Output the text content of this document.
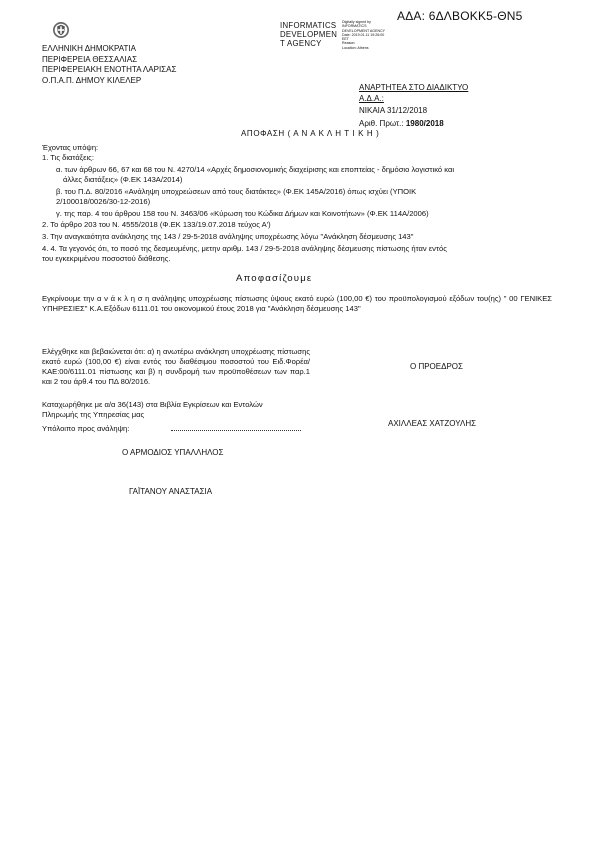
ΑΔΑ: 6ΔΛΒΟΚΚ5-ΘΝ5
INFORMATICS
DEVELOPMEN
T AGENCY
Digitally signed by
INFORMATICS
DEVELOPMENT AGENCY
Date: 2019.01.11 19:26:00
EET
Reason:
Location: Athens
ΕΛΛΗΝΙΚΗ ΔΗΜΟΚΡΑΤΙΑ
ΠΕΡΙΦΕΡΕΙΑ ΘΕΣΣΑΛΙΑΣ
ΠΕΡΙΦΕΡΕΙΑΚΗ ΕΝΟΤΗΤΑ ΛΑΡΙΣΑΣ
Ο.Π.Α.Π. ΔΗΜΟΥ ΚΙΛΕΛΕΡ
ΑΝΑΡΤΗΤΕΑ ΣΤΟ ΔΙΑΔΙΚΤΥΟ
Α.Δ.Α.:
ΝΙΚΑΙΑ 31/12/2018
Αριθ. Πρωτ.: 1980/2018
ΑΠΟΦΑΣΗ ( Α Ν Α Κ Λ Η Τ Ι Κ Η )
Έχοντας υπόψη:
1. Τις διατάξεις:
α. των άρθρων 66, 67 και 68 του Ν. 4270/14 «Αρχές δημοσιονομικής διαχείρισης και εποπτείας - δημόσιο λογιστικό και
άλλες διατάξεις» (Φ.ΕΚ 143Α/2014)
β. του Π.Δ. 80/2016 «Ανάληψη υποχρεώσεων από τους διατάκτες» (Φ.ΕΚ 145Α/2016) όπως ισχύει (ΥΠΟΙΚ
2/100018/0026/30-12-2016)
γ. της παρ. 4 του άρθρου 158 του Ν. 3463/06 «Κύρωση του Κώδικα Δήμων και Κοινοτήτων» (Φ.ΕΚ 114Α/2006)
2. Το άρθρο 203 του Ν. 4555/2018 (Φ.ΕΚ 133/19.07.2018 τεύχος Α')
3. Την αναγκαιότητα ανάκλησης της 143 / 29-5-2018 ανάληψης υποχρέωσης λόγω "Ανάκληση δέσμευσης 143"
4. 4. Τα γεγονός ότι, το ποσό της δεσμευμένης, μετην αριθμ. 143 / 29-5-2018 ανάληψης δέσμευσης πίστωσης ήταν εντός
του εγκεκριμένου ποσοστού διάθεσης.
Αποφασίζουμε
Εγκρίνουμε την α ν ά κ λ η σ η ανάληψης υποχρέωσης πίστωσης ύψους εκατό ευρώ (100,00 €) του προϋπολογισμού εξόδων του(ης) " 00 ΓΕΝΙΚΕΣ ΥΠΗΡΕΣΙΕΣ" Κ.Α.Εξόδων 6111.01 του οικονομικού έτους 2018 για "Ανάκληση δέσμευσης 143"
Ελέγχθηκε και βεβαιώνεται ότι: α) η ανωτέρω ανάκληση υποχρέωσης πίστωσης εκατό ευρώ (100,00 €) είναι εντός του διαθέσιμου ποσοστού του Ειδ.Φορέα/ΚΑΕ:00/6111.01 πίστωσης και β) η συνδρομή των προϋποθέσεων των παρ.1 και 2 του άρθ.4 του ΠΔ 80/2016.
Καταχωρήθηκε με α/α 36(143) στα Βιβλία Εγκρίσεων και Εντολών
Πληρωμής της Υπηρεσίας μας
Υπόλοιπο προς ανάληψη:
Ο ΠΡΟΕΔΡΟΣ
ΑΧΙΛΛΕΑΣ ΧΑΤΖΟΥΛΗΣ
Ο ΑΡΜΟΔΙΟΣ ΥΠΑΛΛΗΛΟΣ
ΓΑΪΤΑΝΟΥ ΑΝΑΣΤΑΣΙΑ
